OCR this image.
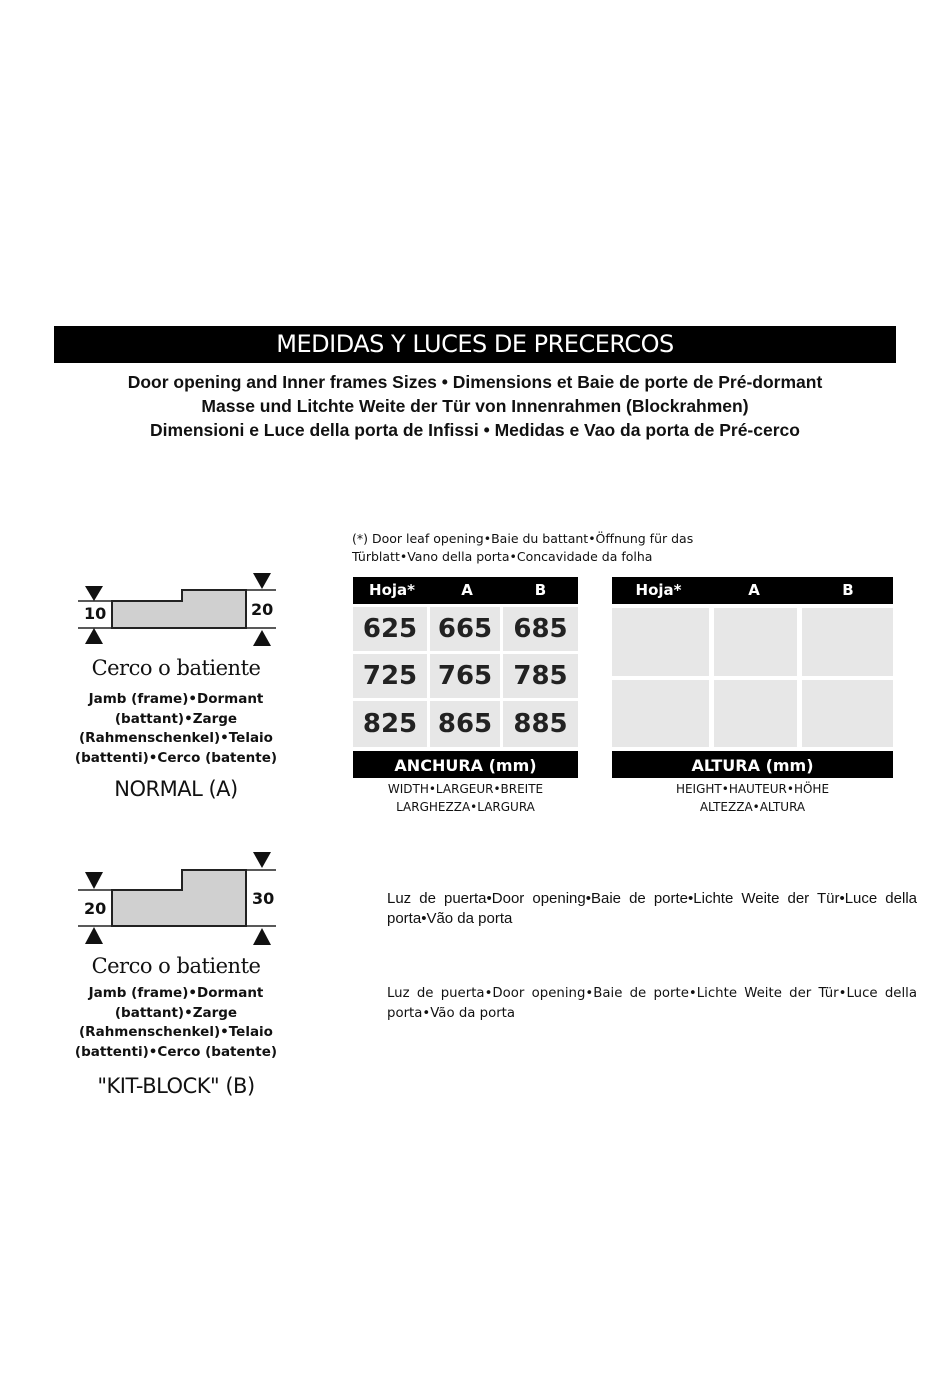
MEDIDAS Y LUCES DE PRECERCOS
Door opening and Inner frames Sizes • Dimensions et Baie de porte de Pré-dormant
Masse und Litchte Weite der Tür von Innenrahmen (Blockrahmen)
Dimensioni e Luce della porta de Infissi • Medidas e Vao da porta de Pré-cerco
(*) Door leaf opening•Baie du battant•Öffnung für das
Türblatt•Vano della porta•Concavidade da folha
Hoja*	A	B
625 665 685
725 765 785
825 865 885
ANCHURA (mm)
WIDTH•LARGEUR•BREITE
LARGHEZZA•LARGURA
Hoja*	A	B
ALTURA (mm)
HEIGHT•HAUTEUR•HÖHE
ALTEZZA•ALTURA
10	20
Cerco o batiente
Jamb (frame)•Dormant
(battant)•Zarge
(Rahmenschenkel)•Telaio
(battenti)•Cerco (batente)
NORMAL (A)
20
30
Cerco o batiente
Jamb (frame)•Dormant
(battant)•Zarge
(Rahmenschenkel)•Telaio
(battenti)•Cerco (batente)
"KIT-BLOCK" (B)
Luz de puerta•Door opening•Baie de porte•Lichte Weite der Tür•Luce della porta•Vão da porta
Luz de puerta•Door opening•Baie de porte•Lichte Weite der Tür•Luce della porta•Vão da porta
